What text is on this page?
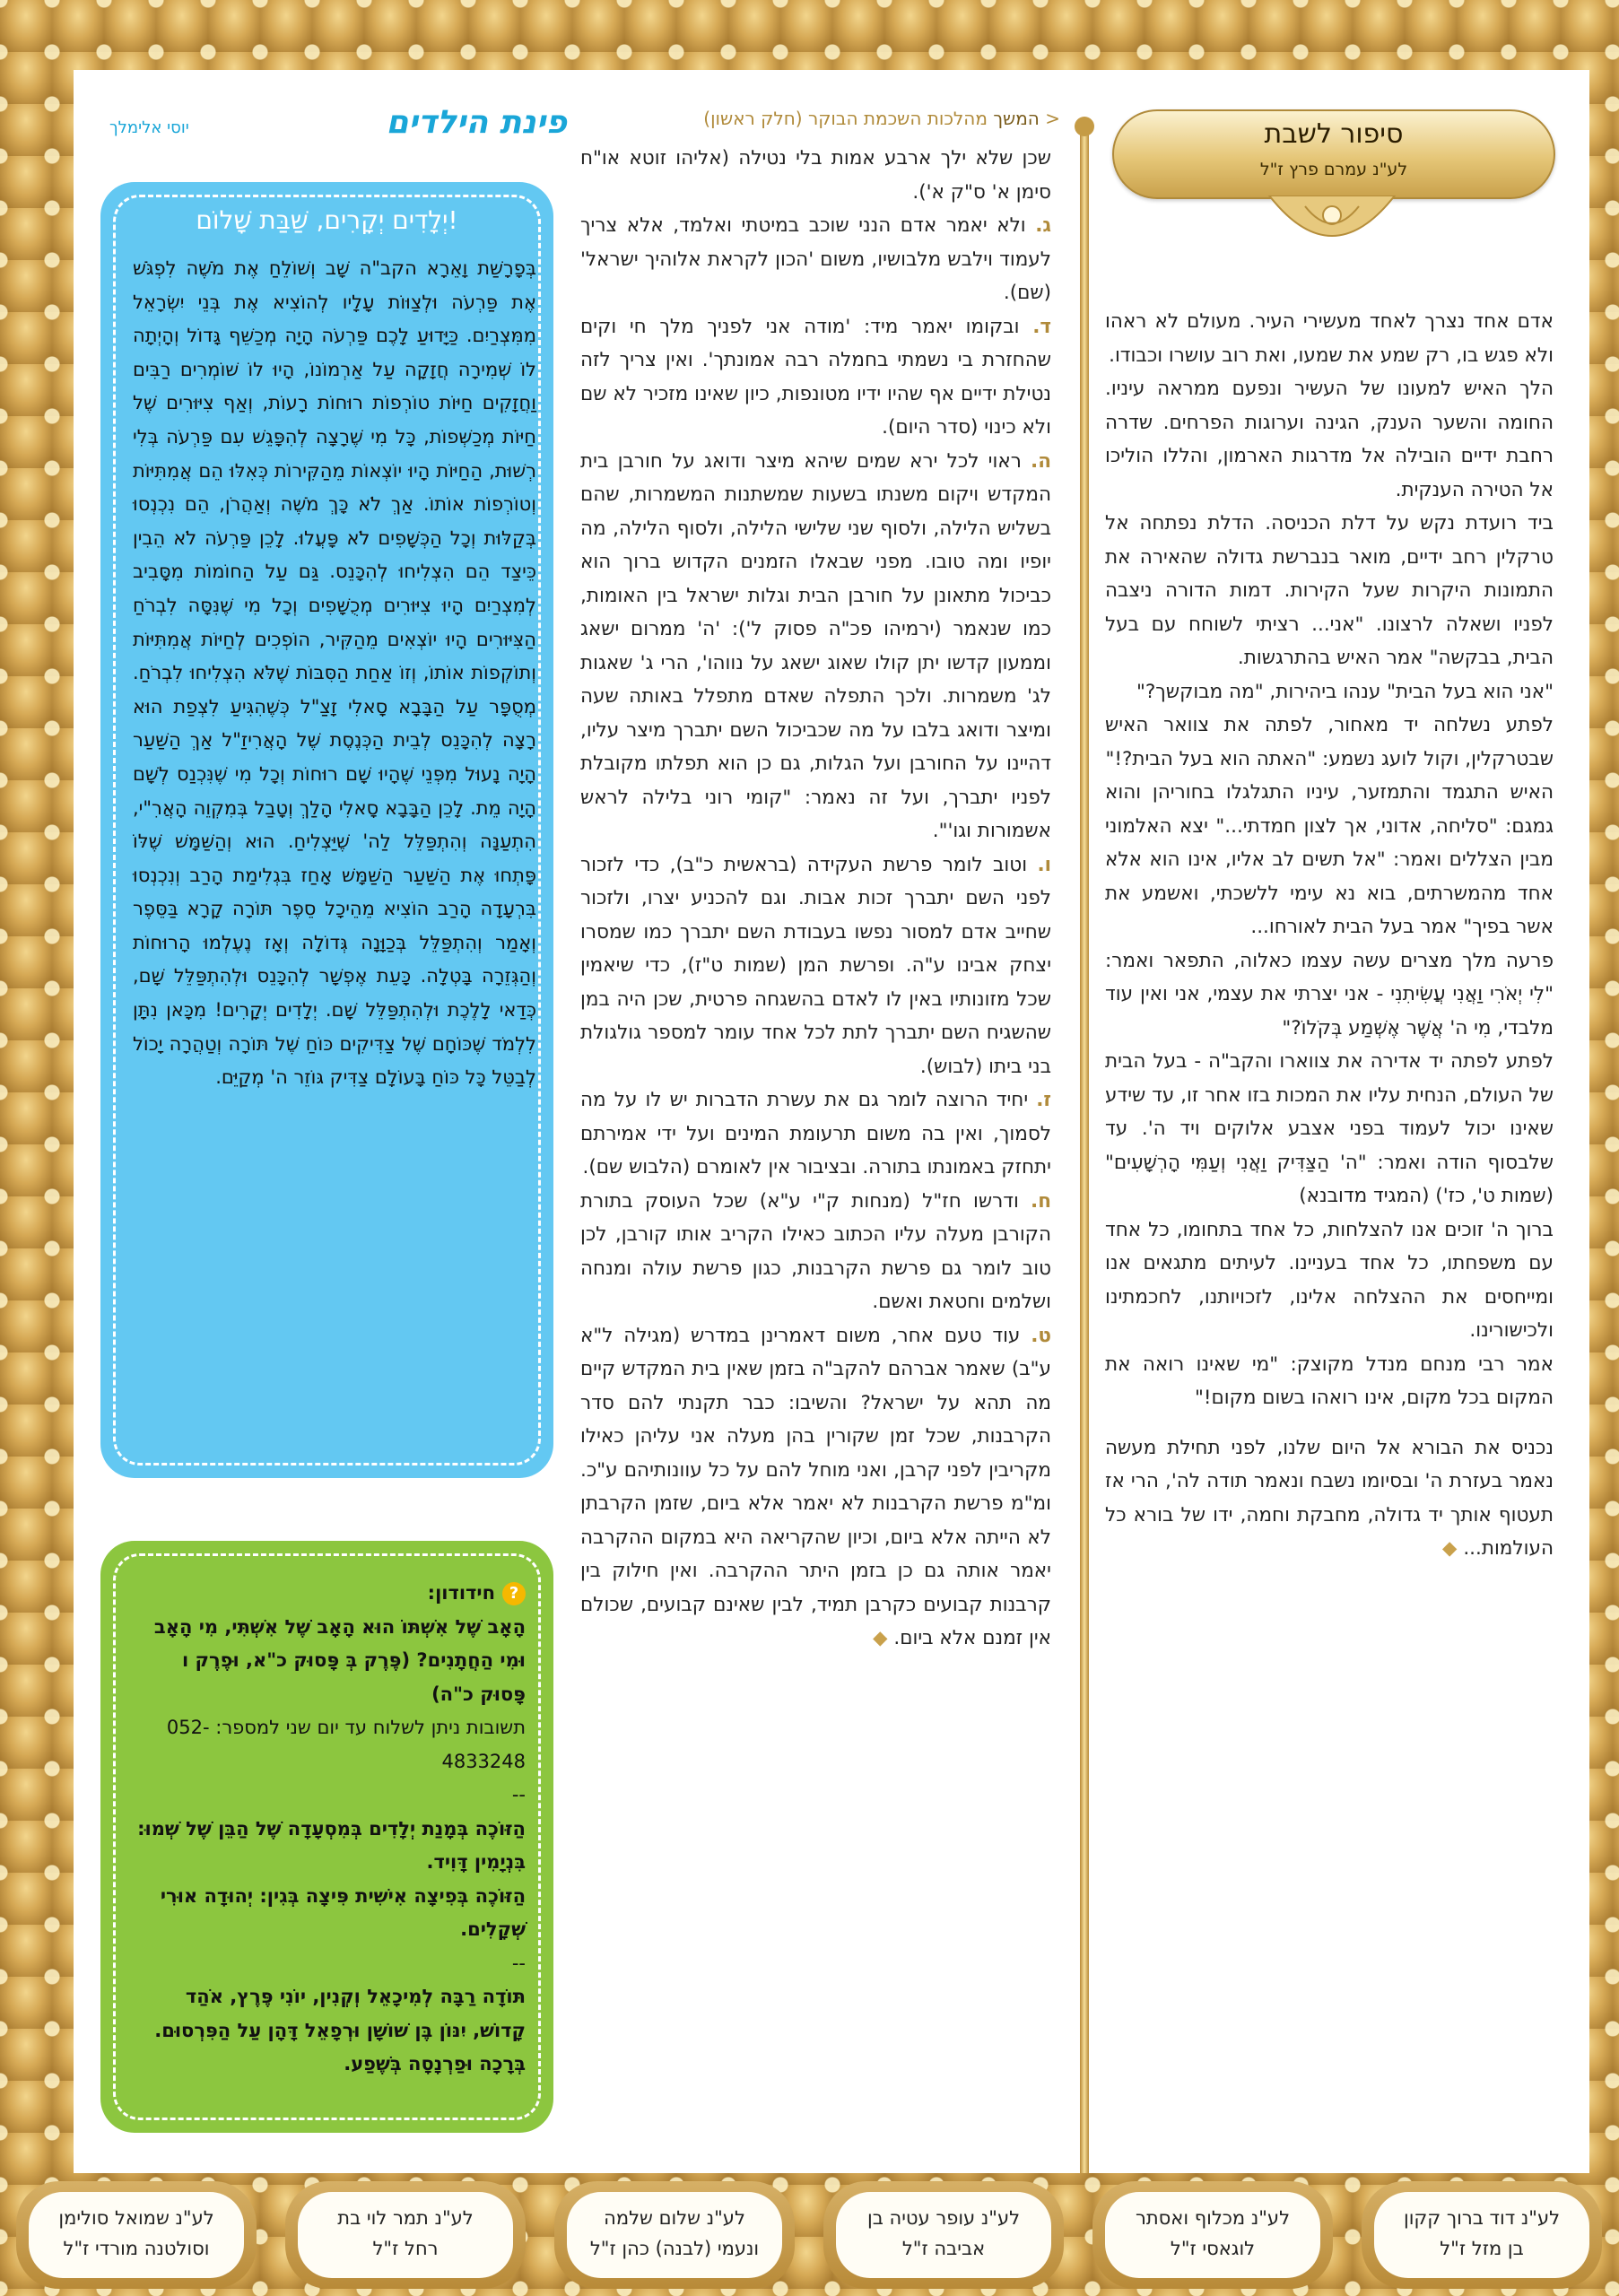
סיפור לשבת
לע"נ עמרם פרץ ז"ל

אדם אחד נצרך לאחד מעשירי העיר. מעולם לא ראהו ולא פגש בו, רק שמע את שמעו, ואת רוב עושרו וכבודו.

הלך האיש למעונו של העשיר ונפעם ממראה עיניו. החומה והשער הענק, הגינה וערוגות הפרחים. שדרה רחבת ידיים הובילה אל מדרגות הארמון, והללו הוליכו אל הטירה הענקית.

ביד רועדת נקש על דלת הכניסה. הדלת נפתחה אל טרקלין רחב ידיים, מואר בנברשת גדולה שהאירה את התמונות היקרות שעל הקירות. דמות הדורה ניצבה לפניו ושאלה לרצונו. "אני... רציתי לשוחח עם בעל הבית, בבקשה" אמר האיש בהתרגשות.

"אני הוא בעל הבית" ענהו ביהירות, "מה מבוקשך?"

לפתע נשלחה יד מאחור, לפתה את צוואר האיש שבטרקלין, וקול לועג נשמע: "האתה הוא בעל הבית?!"

האיש התגמד והתמזער, עיניו התגלגלו בחוריהן והוא גמגם: "סליחה, אדוני, אך לצון חמדתי..." יצא האלמוני מבין הצללים ואמר: "אל תשים לב אליו, אינו הוא אלא אחד מהמשרתים, בוא נא עימי ללשכתי, ואשמע את אשר בפיך" אמר בעל הבית לאורחו...

פרעה מלך מצרים עשה עצמו כאלוה, התפאר ואמר: "לִי יְאֹרִי וַאֲנִי עֲשִׂיתִנִי - אני יצרתי את עצמי, אני ואין עוד מלבדי, מִי ה' אֲשֶׁר אֶשְׁמַע בְּקֹלוֹ?"

לפתע לפתה יד אדירה את צווארו והקב"ה - בעל הבית של העולם, הנחית עליו את המכות בזו אחר זו, עד שידע שאינו יכול לעמוד בפני אצבע אלוקים ויד ה'. עד שלבסוף הודה ואמר: "ה' הַצַּדִּיק וַאֲנִי וְעַמִּי הָרְשָׁעִים" (שמות ט', כז') (המגיד מדובנא)

ברוך ה' זוכים אנו להצלחות, כל אחד בתחומו, כל אחד עם משפחתו, כל אחד בעניינו. לעיתים מתגאים אנו ומייחסים את ההצלחה אלינו, לזכויותנו, לחכמתינו ולכישורינו.

אמר רבי מנחם מנדל מקוצק: "מי שאינו רואה את המקום בכל מקום, אינו רואהו בשום מקום!"

נכניס את הבורא אל היום שלנו, לפני תחילת מעשה נאמר בעזרת ה' ובסיומו נשבח ונאמר תודה לה', הרי אז תעטוף אותך יד גדולה, מחבקת וחמה, ידו של בורא כל העולמות... ◆

< המשך מהלכות השכמת הבוקר (חלק ראשון)

שכן שלא ילך ארבע אמות בלי נטילה (אליהו זוטא או"ח סימן א' ס"ק א').

ג. ולא יאמר אדם הנני שוכב במיטתי ואלמד, אלא צריך לעמוד וילבש מלבושיו, משום 'הכון לקראת אלוהיך ישראל' (שם).

ד. ובקומו יאמר מיד: 'מודה אני לפניך מלך חי וקים שהחזרת בי נשמתי בחמלה רבה אמונתך'. ואין צריך לזה נטילת ידיים אף שהיו ידיו מטונפות, כיון שאינו מזכיר לא שם ולא כינוי (סדר היום).

ה. ראוי לכל ירא שמים שיהא מיצר ודואג על חורבן בית המקדש ויקום משנתו בשעות שמשתנות המשמרות, שהם בשליש הלילה, ולסוף שני שלישי הלילה, ולסוף הלילה, מה יופיו ומה טובו. מפני שבאלו הזמנים הקדוש ברוך הוא כביכול מתאונן על חורבן הבית וגלות ישראל בין האומות, כמו שנאמר (ירמיהו פכ"ה פסוק ל'): 'ה' ממרום ישאג וממעון קדשו יתן קולו שאוג ישאג על נווהו', הרי ג' שאגות לג' משמרות. ולכך התפלה שאדם מתפלל באותה שעה ומיצר ודואג בלבו על מה שכביכול השם יתברך מיצר עליו, דהיינו על החורבן ועל הגלות, גם כן הוא תפלתו מקובלת לפניו יתברך, ועל זה נאמר: "קומי רוני בלילה לראש אשמורות וגו'".

ו. וטוב לומר פרשת העקידה (בראשית כ"ב), כדי לזכור לפני השם יתברך זכות אבות. וגם להכניע יצרו, ולזכור שחייב אדם למסור נפשו בעבודת השם יתברך כמו שמסרו יצחק אבינו ע"ה. ופרשת המן (שמות ט"ז), כדי שיאמין שכל מזונותיו באין לו לאדם בהשגחה פרטית, שכן היה במן שהשגיח השם יתברך לתת לכל אחד עומר למספר גולגולת בני ביתו (לבוש).

ז. יחיד הרוצה לומר גם את עשרת הדברות יש לו על מה לסמוך, ואין בה משום תרעומת המינים ועל ידי אמירתם יתחזק באמונתו בתורה. ובציבור אין לאומרם (הלבוש שם).

ח. ודרשו חז"ל (מנחות ק"י ע"א) שכל העוסק בתורת הקורבן מעלה עליו הכתוב כאילו הקריב אותו קורבן, לכן טוב לומר גם פרשת הקרבנות, כגון פרשת עולה ומנחה ושלמים וחטאת ואשם.

ט. עוד טעם אחר, משום דאמרינן במדרש (מגילה ל"א ע"ב) שאמר אברהם להקב"ה בזמן שאין בית המקדש קיים מה תהא על ישראל? והשיבו: כבר תקנתי להם סדר הקרבנות, שכל זמן שקורין בהן מעלה אני עליהן כאילו מקריבין לפני קרבן, ואני מוחל להם על כל עוונותיהם ע"כ. ומ"מ פרשת הקרבנות לא יאמר אלא ביום, שזמן הקרבתן לא הייתה אלא ביום, וכיון שהקריאה היא במקום ההקרבה יאמר אותה גם כן בזמן היתר ההקרבה. ואין חילוק בין קרבנות קבועים כקרבן תמיד, לבין שאינם קבועים, שכולם אין זמנם אלא ביום. ◆

פינת הילדים
יוסי אלימלך
יְלָדִים יְקָרִים, שַׁבַּת שָׁלוֹם!
בְּפָרָשַׁת וָאֵרָא הקב"ה שָׁב וְשׁוֹלֵחַ אֶת מֹשֶׁה לִפְגֹּשׁ אֶת פַּרְעֹה וּלְצַוּוֹת עָלָיו לְהוֹצִיא אֶת בְּנֵי יִשְׂרָאֵל מִמִּצְרַיִם. כַּיָּדוּעַ לָכֶם פַּרְעֹה הָיָה מְכַשֵּׁף גָּדוֹל וְהָיְתָה לוֹ שְׁמִירָה חֲזָקָה עַל אַרְמוֹנוֹ, הָיוּ לוֹ שׁוֹמְרִים רַבִּים וַחֲזָקִים חַיּוֹת טוֹרְפוֹת רוּחוֹת רָעוֹת, וְאַף צִיּוּרִים שֶׁל חַיּוֹת מְכַשְּׁפוֹת, כָּל מִי שֶׁרָצָה לְהִפָּגֵשׁ עִם פַּרְעֹה בְּלִי רְשׁוּת, הַחַיּוֹת הָיוּ יוֹצְאוֹת מֵהַקִּירוֹת כְּאִלּוּ הֵם אֲמִתִּיּוֹת וְטוֹרְפוֹת אוֹתוֹ. אַךְ לֹא כָּךְ מֹשֶׁה וְאַהֲרֹן, הֵם נִכְנְסוּ בְּקַלּוּת וְכָל הַכְּשָׁפִים לֹא פָּעֲלוּ. לָכֵן פַּרְעֹה לֹא הֵבִין כֵּיצַד הֵם הִצְלִיחוּ לְהִכָּנֵס. גַּם עַל הַחוֹמוֹת מִסָּבִיב לְמִצְרַיִם הָיוּ צִיּוּרִים מְכֻשָּׁפִים וְכָל מִי שֶׁנִּסָּה לִבְרֹחַ הַצִּיּוּרִים הָיוּ יוֹצְאִים מֵהַקִּיר, הוֹפְכִים לְחַיּוֹת אֲמִתִּיּוֹת וְתוֹקְפוֹת אוֹתוֹ, וְזוֹ אַחַת הַסִּבּוֹת שֶׁלֹּא הִצְלִיחוּ לִבְרֹחַ. מְסֻפָּר עַל הַבָּבָא סָאלִי זָצַ"ל כְּשֶׁהִגִּיעַ לִצְפַת הוּא רָצָה לְהִכָּנֵס לְבֵית הַכְּנֶסֶת שֶׁל הָאֲרִיזַ"ל אַךְ הַשַּׁעַר הָיָה נָעוּל מִפְּנֵי שֶׁהָיוּ שָׁם רוּחוֹת וְכָל מִי שֶׁנִּכְנַס לְשָׁם הָיָה מֵת. לָכֵן הַבָּבָא סָאלִי הָלַךְ וְטָבַל בְּמִקְוֵה הָאֲרִ"י, הִתְעַנָּה וְהִתְפַּלֵּל לַה' שֶׁיַּצְלִיחַ. הוּא וְהַשַּׁמָּשׁ שֶׁלּוֹ פָּתְחוּ אֶת הַשַּׁעַר הַשַּׁמָּשׁ אָחַז בִּגְלִימַת הָרַב וְנִכְנְסוּ בִּרְעָדָה הָרַב הוֹצִיא מֵהֵיכָל סֵפֶר תּוֹרָה קָרָא בַּסֵּפֶר וְאָמַר וְהִתְפַּלֵּל בְּכַוָּנָה גְּדוֹלָה וְאָז נֶעֶלְמוּ הָרוּחוֹת וְהַגְּזֵרָה בָּטְלָה. כָּעֵת אֶפְשָׁר לְהִכָּנֵס וּלְהִתְפַּלֵּל שָׁם, כְּדַאי לָלֶכֶת וּלְהִתְפַּלֵּל שָׁם. יְלָדִים יְקָרִים! מִכָּאן נִתָּן לִלְמֹד שֶׁכּוֹחָם שֶׁל צַדִּיקִים כּוֹחַ שֶׁל תּוֹרָה וְטַהֲרָה יָכוֹל לְבַטֵּל כָּל כּוֹחַ בָּעוֹלָם צַדִּיק גּוֹזֵר ה' מְקַיֵּם.
?חידודון:
הָאָב שֶׁל אִשְׁתּוֹ הוּא הָאָב שֶׁל אִשְׁתִּי, מִי הָאָב וּמִי הַחֲתָנִים? (פֶּרֶק בְּ פָּסוּק כ"א, וּפֶרֶק ו פָּסוּק כ"ה)
תשובות ניתן לשלוח עד יום שני למספר: 052-4833248
--
הַזּוֹכֶה בְּמָנַת יְלָדִים בְּמִסְעָדָה שֶׁל הַבֵּן שֶׁל שְׁמוּ: בִּנְיָמִין דָּוִיד.
הַזּוֹכֶה בְּפִיצָה אִישִׁית פִּיצָה בְּגִין: יְהוּדָה אוּרִי שְׁקָלִים.
--
תּוֹדָה רַבָּה לְמִיכָאֵל וְקְנִין, יוֹנִי פֶּרֶץ, אֹהַד קָדוֹשׁ, יִנּוֹן בֶּן שׁוֹשָׁן וּרְפָאֵל דָּהָן עַל הַפִּרְסוּם. בְּרָכָה וּפַרְנָסָה בְּשֶׁפַע.
לע"נ דוד ברוך קקון
בן מזל ז"ל
לע"נ מכלוף ואסתר
לוגאסי ז"ל
לע"נ עופר עטיה בן
אביבה ז"ל
לע"נ שלום שלמה
ונעמי (לבנה) כהן ז"ל
לע"נ תמר לוי בת
רחל ז"ל
לע"נ שמואל סולימן
וסולטנה מורדי ז"ל
